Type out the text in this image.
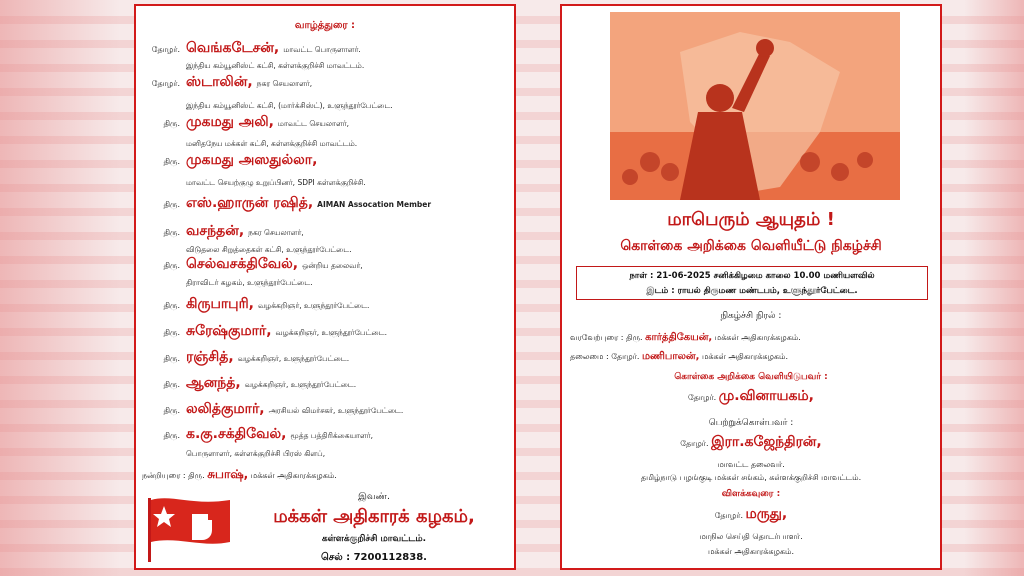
வாழ்த்துரை :
தோழர். வெங்கடேசன், மாவட்ட பொருளாளர்.
இந்திய கம்யூனிஸ்ட் கட்சி, கள்ளக்குறிச்சி மாவட்டம்.
தோழர். ஸ்டாலின், நகர செயலாளர்,
இந்திய கம்யூனிஸ்ட் கட்சி, (மார்க்சிஸ்ட்), உளுந்தூர்பேட்டை.
திரு. முகமது அலி, மாவட்ட செயலாளர்,
மனிதநேய மக்கள் கட்சி, கள்ளக்குறிச்சி மாவட்டம்.
திரு. முகமது அஸதுல்லா,
மாவட்ட செயற்குழு உறுப்பினர், SDPI கள்ளக்குறிச்சி.
திரு. எஸ்.ஹாருன் ரஷித், AIMAN Assocation Member
திரு. வசந்தன், நகர செயலாளர்,
விடுதலை சிறுத்தைகள் கட்சி, உளுந்தூர்பேட்டை.
திரு. செல்வசக்திவேல், ஒன்றிய தலைவர்,
திராவிடர் கழகம், உளுந்தூர்பேட்டை.
திரு. கிருபாபுரி, வழக்கறிஞர், உளுந்தூர்பேட்டை.
திரு. சுரேஷ்குமார், வழக்கறிஞர், உளுந்தூர்பேட்டை.
திரு. ரஞ்சித், வழக்கறிஞர், உளுந்தூர்பேட்டை.
திரு. ஆனந்த், வழக்கறிஞர், உளுந்தூர்பேட்டை.
திரு. லலித்குமார், அரசியல் விமர்சகர், உளுந்தூர்பேட்டை.
திரு. க.கு.சக்திவேல், மூத்த பத்திரிக்கையாளர்,
பொருளாளர், கள்ளக்குறிச்சி பிரஸ் கிளப்,
நன்றியுரை : திரு. சுபாஷ், மக்கள் அதிகாரக்கழகம்.
இவண்.
மக்கள் அதிகாரக் கழகம்,
கள்ளக்குறிச்சி மாவட்டம்.
செல் : 7200112838.
மாபெரும் ஆயுதம் !
கொள்கை அறிக்கை வெளியீட்டு நிகழ்ச்சி
நாள் : 21-06-2025 சனிக்கிழமை காலை 10.00 மணியளவில்
இடம் : ராயல் திருமண மண்டபம், உளுந்தூர்பேட்டை.
நிகழ்ச்சி நிரல் :
வரவேற்புரை : திரு. கார்த்திகேயன், மக்கள் அதிகாரக்கழகம்.
தலைமை : தோழர். மணிபாலன், மக்கள் அதிகாரக்கழகம்.
கொள்கை அறிக்கை வெளியிடுபவர் :
தோழர். மு.வினாயகம்,
பெற்றுக்கொள்பவர் :
தோழர். இரா.கஜேந்திரன்,
மாவட்ட தலைவர்.
தமிழ்நாடு பழங்குடி மக்கள் சங்கம், கள்ளக்குறிச்சி மாவட்டம்.
விளக்கவுரை :
தோழர். மருது,
மாநில செய்தி தொடர்பாளர்.
மக்கள் அதிகாரக்கழகம்.
